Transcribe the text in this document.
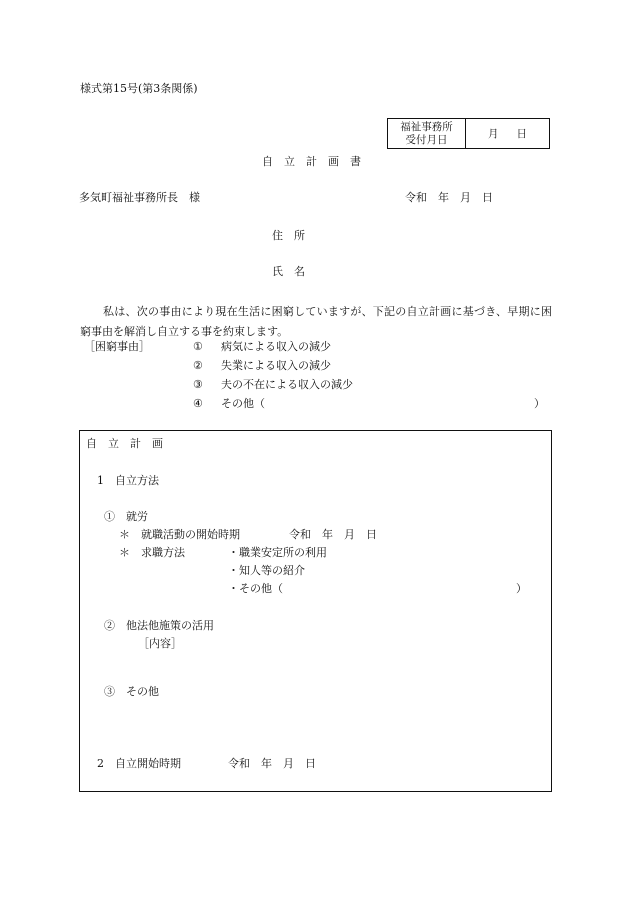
様式第15号(第3条関係)
福祉事務所
受付月日	月 日
自　立　計　画　書
多気町福祉事務所長　様	令和　年　月　日
住　所
氏　名
私は、次の事由により現在生活に困窮していますが、下記の自立計画に基づき、早期に困窮事由を解消し自立する事を約束します。
［困窮事由］	① 病気による収入の減少
② 失業による収入の減少
③ 夫の不在による収入の減少
④ その他（	）
自　立　計　画
1　自立方法
①　就労
＊　就職活動の開始時期	令和　年　月　日
＊　求職方法	・職業安定所の利用
・知人等の紹介
・その他（	）
②　他法他施策の活用
［内容］
③　その他
2　自立開始時期	令和　年　月　日
